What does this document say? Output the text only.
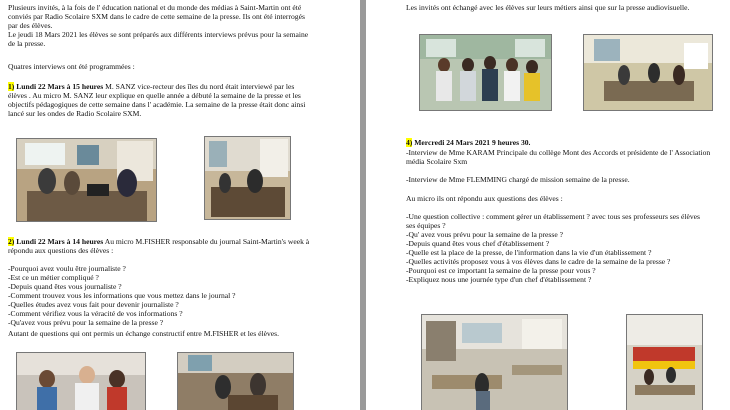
Plusieurs invités, à la fois de l' éducation national et du monde des médias à Saint-Martin ont été

conviés par Radio Scolaire SXM dans le cadre de cette semaine de la presse. Ils ont été interrogés

par des élèves.

Le jeudi 18 Mars 2021 les élèves se sont préparés aux différents interviews prévus pour la semaine

de la presse.

Quatres interviews ont été programmées :

1) Lundi 22 Mars à 15 heures M. SANZ vice-recteur des îles du nord était interviewé par les

élèves . Au micro M. SANZ leur explique en quelle année a débuté la semaine de la presse et les

objectifs pédagogiques de cette semaine dans l' académie. La semaine de la presse était donc ainsi

lancé sur les ondes de Radio Scolaire SXM.

2) Lundi 22 Mars à 14 heures Au micro M.FISHER responsable du journal Saint-Martin's week à

répondu aux questions des élèves :

-Pourquoi avez voulu être journaliste ?

-Est ce un métier compliqué ?

-Depuis quand êtes vous journaliste ?

-Comment trouvez vous les informations que vous mettez dans le journal ?

-Quelles études avez vous fait pour devenir journaliste ?

-Comment vérifiez vous la véracité de vos informations ?

-Qu'avez vous prévu pour la semaine de la presse ?

Autant de questions qui ont permis un échange constructif entre M.FISHER et les élèves.

Les invités ont échangé avec les élèves sur leurs métiers ainsi que sur la presse audiovisuelle.

4) Mercredi 24 Mars 2021 9 heures 30.

-Interview de Mme KARAM Principale du collège Mont des Accords et présidente de l' Association

média Scolaire Sxm

-Interview de Mme FLEMMING chargé de mission semaine de la presse.

Au micro ils ont répondu aux questions des élèves :

-Une question collective : comment gérer un établissement ? avec tous ses professeurs ses élèves

ses équipes ?

-Qu' avez vous prévu pour la semaine de la presse ?

-Depuis quand êtes vous chef d'établissement ?

-Quelle est la place de la presse, de l'information dans la vie d'un établissement ?

-Quelles activités proposez vous à vos élèves dans le cadre de la semaine de la presse ?

-Pourquoi est ce important la semaine de la presse pour vous ?

-Expliquez nous une journée type d'un chef d'établissement ?
